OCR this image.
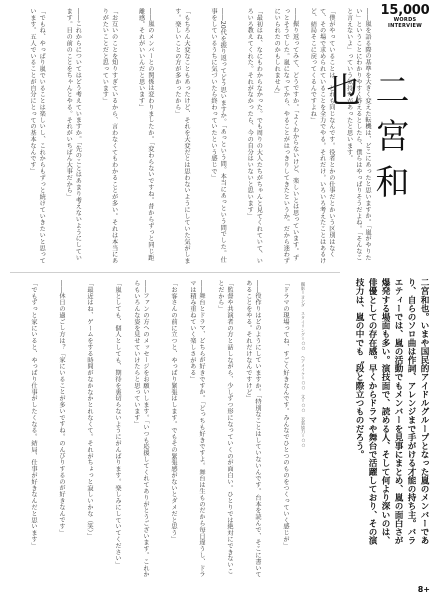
15,000
WORDS
INTERVIEW
二宮和也
撮影＝ヨシダ　スタイリング＝○○　ヘアメイク＝○○　文＝○○　衣装協力＝○○	二宮和也。いまや国民的アイドルグループとなった嵐のメンバーであり、自らのソロ曲は作詞、アレンジまで手がける才能の持ち主。バラエティーでは、嵐の活動でもメンバーを見事にまとめ、嵐の面白さが爆発する場面も多い。演技面で、読める人、そして何より深いのは、俳優としての存在感。早くからドラマや舞台で活躍しており、その演技力は、嵐の中でも〝段と際立つものだろう。
――嵐を語る際の基準を大きく変えた転機は、どこにあったと思いますか。「嵐がやりたい」ということにわかりやすく答えるとしたら、僕らはやっぱりそうだよね。「そんなこと言えないよ」っていう気持ちがあったと思います。
「僕がやっていることは、どれも同じなんです。役者とかの仕事だとかいう区別はなくて、その場で求められていることを全力でやる。それだけ。いろいろ考えたことはあるけど、結局そこに戻ってくるんですよね」
――振り返ってみて、どうですか。「よくわからないけど、楽しいとは思っています。ずっとそうでした。嵐になってから、やることがはっきりしてきたというか。だから迷わずにいられたのかもしれません」
「最初はね、なにもわからなかった。でも周りの大人たちがちゃんと見てくれていて、いろいろ教えてくれた。それがなかったら、今の自分はいないと思います」
――20代を振り返ってどう思いますか。「あっという間。本当にあっという間でした。仕事をしているうちに気づいたら終わっていたという感じで」
「もちろん大変なこともあったけど、それを大変だとは思わないようにしていた気がします。楽しいことの方が多かったから」
――嵐のメンバーとの関係は変わりましたか。「変わらないですね。昔からずっと同じ距離感。それがいいんだと思います」
「お互いのことを知りすぎているから、言わなくてもわかることが多い。それは本当にありがたいことだと思っています」
――これからについてはどう考えていますか。「先のことはあまり考えないようにしています。目の前のことをちゃんとやる。それがいちばん大事だから」
「でもね、やっぱり嵐でいることは楽しいし、これからもずっと続けていきたいと思っています。五人でいることが自分にとっての基本なんです」
「ドラマの現場ってね、すごく好きなんです。みんなでひとつのものをつくっていく感じが」
――役作りはどのようにしていますか。「特別なことはしていないんです。台本を読んで、そこに書いてあることをやる。それだけなんですけど」
「監督や共演者の方と話しながら、少しずつ形になっていくのが面白い。ひとりでは絶対にできないことだから」
――舞台とドラマ、どちらが好きですか。「どっちも好きですよ。舞台は生ものだから毎日違うし、ドラマは積み重ねていく楽しさがある」
「お客さんの前に立つと、やっぱり緊張はします。でもその緊張感がないとダメだと思う」
――ファンの方へのメッセージをお願いします。「いつも応援してくれてありがとうございます。これからもいろんな姿を見せていけたらと思っています」
「嵐としても、個人としても、期待を裏切らないようにがんばります。楽しみにしていてください」
「最近はね、ゲームをする時間がなかなかとれなくて。それがちょっと寂しいかな（笑）」
――休日の過ごし方は？「家にいることが多いですね。のんびりするのが好きなんです」
「でもずっと家にいると、やっぱり仕事がしたくなる。結局、仕事が好きなんだと思います」
8+
